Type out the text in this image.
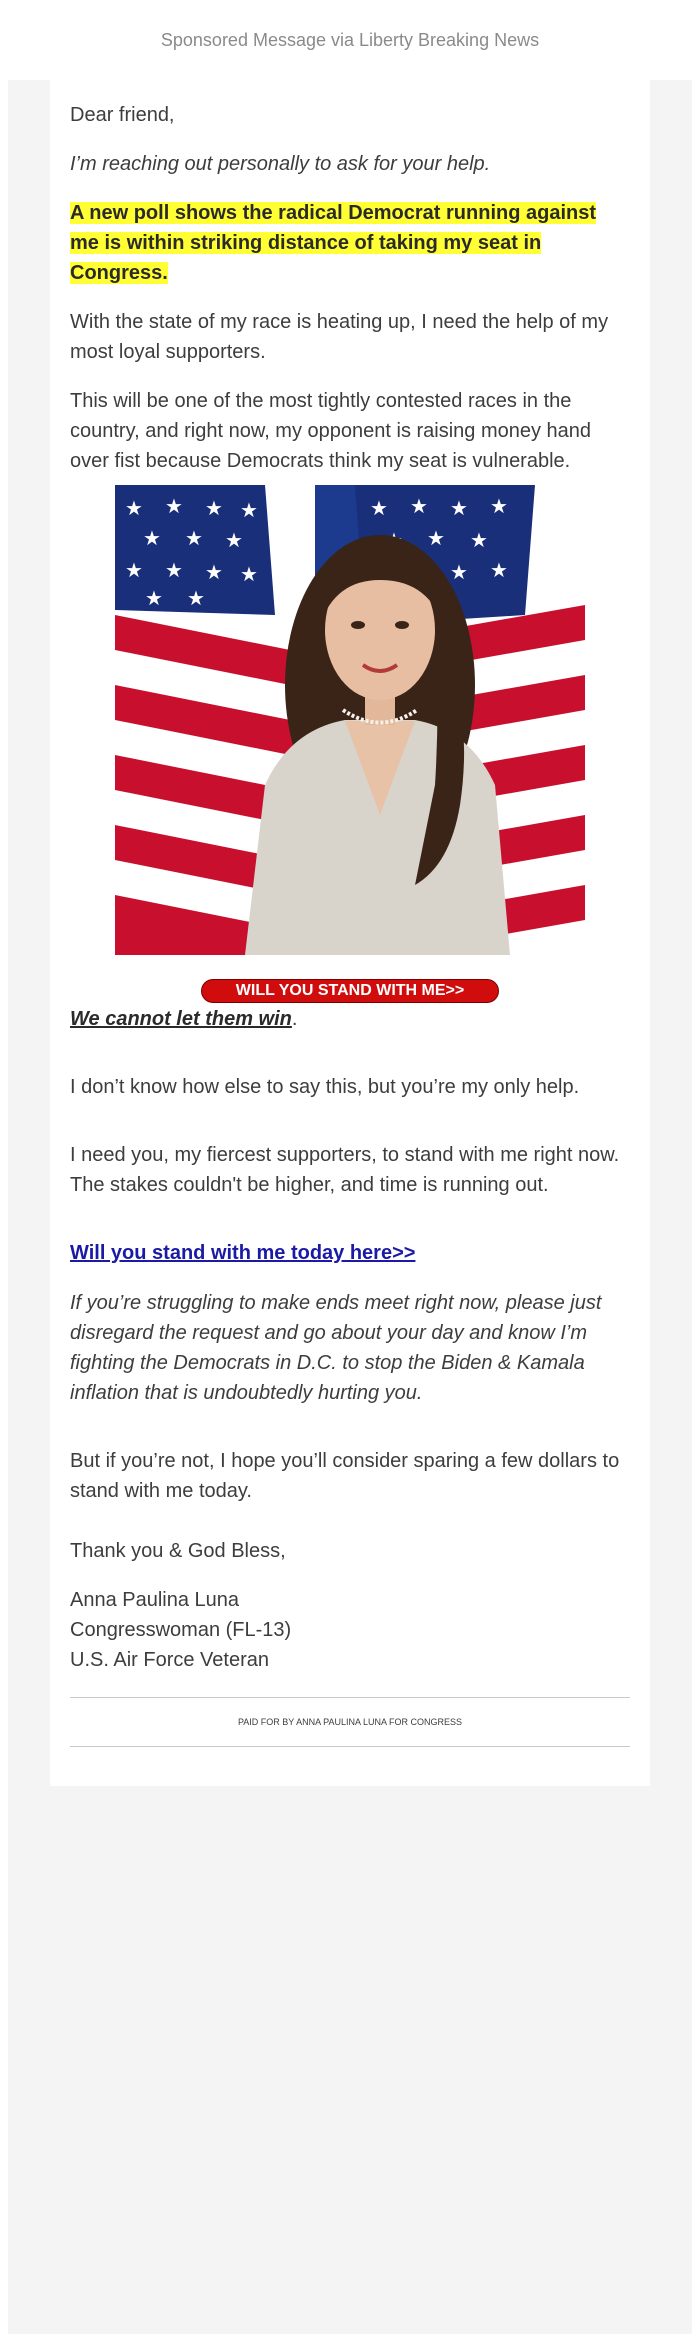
Sponsored Message via Liberty Breaking News

Dear friend,

I’m reaching out personally to ask for your help.

A new poll shows the radical Democrat running against me is within striking distance of taking my seat in Congress.

With the state of my race is heating up, I need the help of my most loyal supporters.

This will be one of the most tightly contested races in the country, and right now, my opponent is raising money hand over fist because Democrats think my seat is vulnerable.

★ ★ ★ ★
★ ★ ★
★ ★ ★ ★
★ ★
★ ★ ★ ★
★ ★
★ ★
WILL YOU STAND WITH ME>>

We cannot let them win.

I don’t know how else to say this, but you’re my only help.

I need you, my fiercest supporters, to stand with me right now. The stakes couldn't be higher, and time is running out.

Will you stand with me today here>>

If you’re struggling to make ends meet right now, please just disregard the request and go about your day and know I’m fighting the Democrats in D.C. to stop the Biden & Kamala inflation that is undoubtedly hurting you.

But if you’re not, I hope you’ll consider sparing a few dollars to stand with me today.

Thank you & God Bless,

Anna Paulina Luna

Congresswoman (FL-13)

U.S. Air Force Veteran

PAID FOR BY ANNA PAULINA LUNA FOR CONGRESS
